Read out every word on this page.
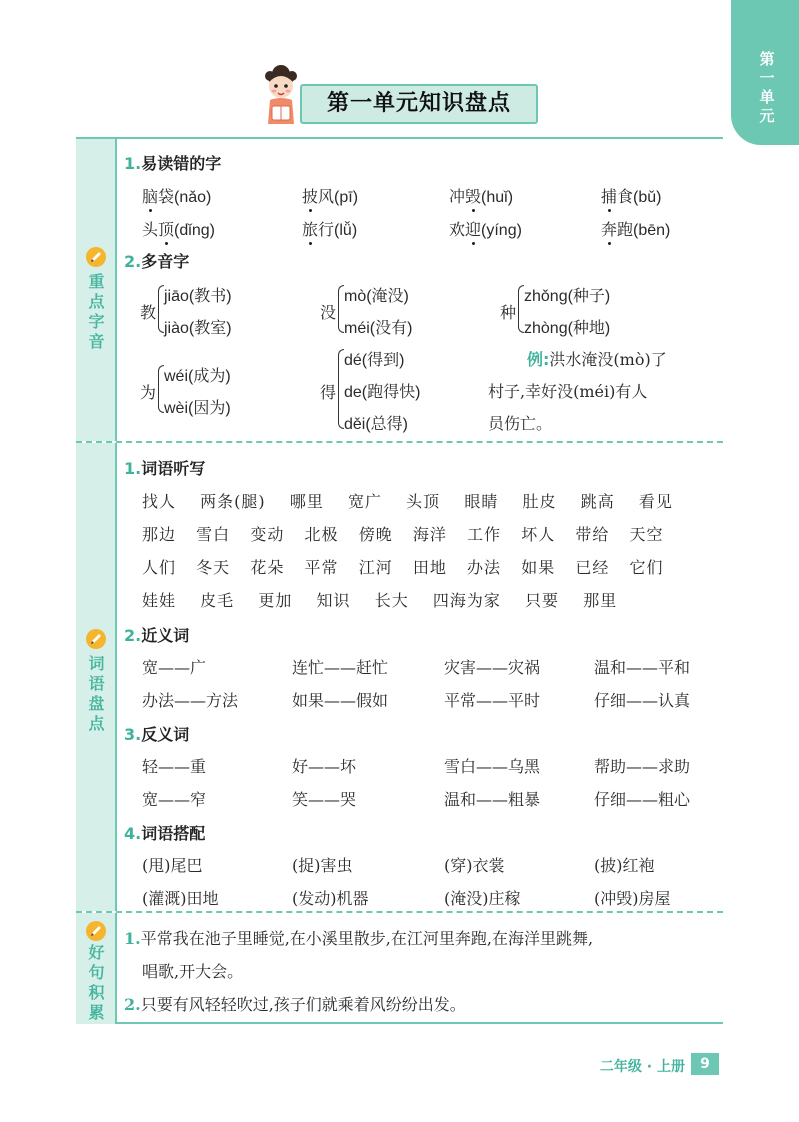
第
一
单
元
第一单元知识盘点
重
点
字
音
1.易读错的字
脑袋(nǎo)	披风(pī)	冲毁(huǐ)	捕食(bǔ)
头顶(dǐng)	旅行(lǚ)	欢迎(yíng)	奔跑(bēn)
2.多音字
教
jiāo(教书)
jiào(教室)
没
mò(淹没)
méi(没有)
种
zhǒng(种子)
zhòng(种地)
为
wéi(成为)
wèi(因为)
得
dé(得到)
de(跑得快)
děi(总得)
例:洪水淹没(mò)了
村子,幸好没(méi)有人
员伤亡。
词
语
盘
点
1.词语听写
找人  两条(腿)  哪里  宽广  头顶  眼睛  肚皮  跳高  看见
那边  雪白  变动  北极  傍晚  海洋  工作  坏人  带给  天空
人们  冬天  花朵  平常  江河  田地  办法  如果  已经  它们
娃娃  皮毛  更加  知识  长大  四海为家  只要  那里
2.近义词
宽——广	连忙——赶忙	灾害——灾祸	温和——平和
办法——方法	如果——假如	平常——平时	仔细——认真
3.反义词
轻——重	好——坏	雪白——乌黑	帮助——求助
宽——窄	笑——哭	温和——粗暴	仔细——粗心
4.词语搭配
(甩)尾巴	(捉)害虫	(穿)衣裳	(披)红袍
(灌溉)田地	(发动)机器	(淹没)庄稼	(冲毁)房屋
好
句
积
累
1.平常我在池子里睡觉,在小溪里散步,在江河里奔跑,在海洋里跳舞,
唱歌,开大会。
2.只要有风轻轻吹过,孩子们就乘着风纷纷出发。
二年级 · 上册	9
